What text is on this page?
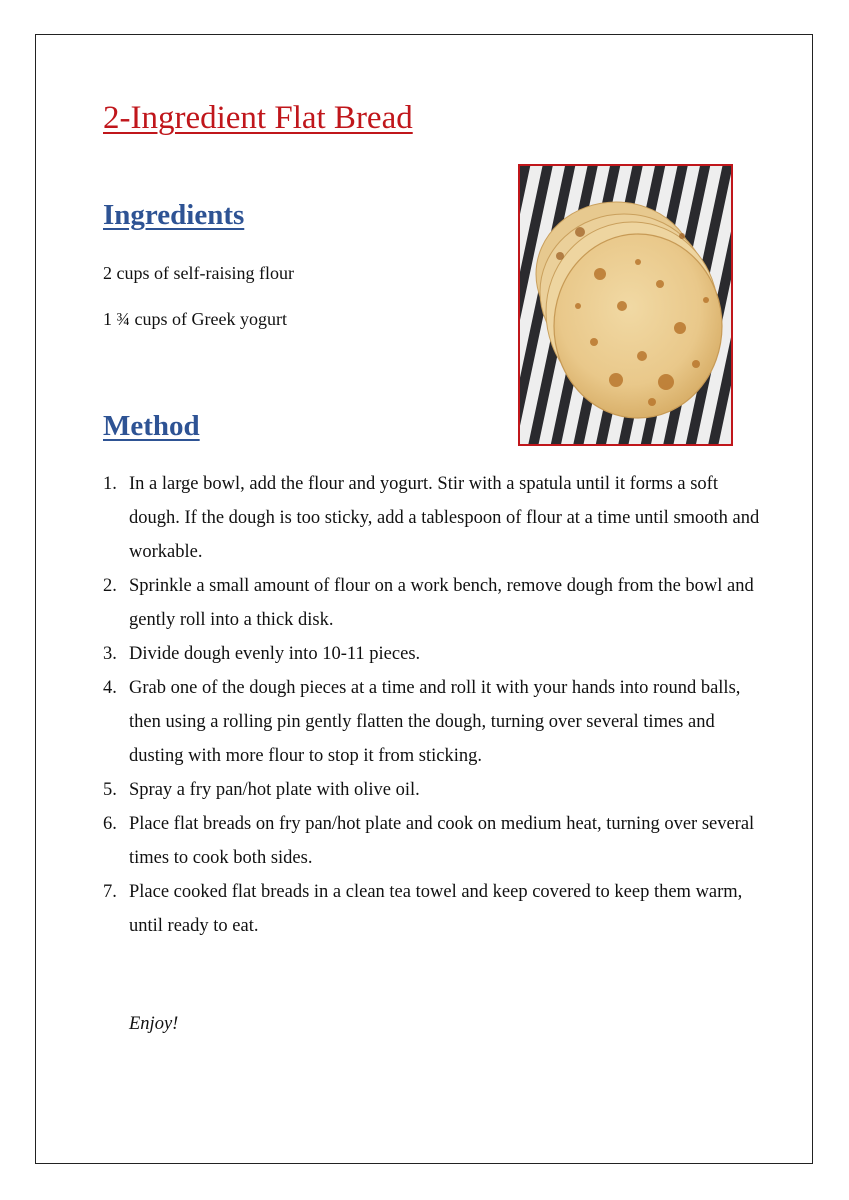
2-Ingredient Flat Bread
Ingredients
2 cups of self-raising flour
1 ¾ cups of Greek yogurt
Method
1. In a large bowl, add the flour and yogurt. Stir with a spatula until it forms a soft dough. If the dough is too sticky, add a tablespoon of flour at a time until smooth and workable.
2. Sprinkle a small amount of flour on a work bench, remove dough from the bowl and gently roll into a thick disk.
3. Divide dough evenly into 10-11 pieces.
4. Grab one of the dough pieces at a time and roll it with your hands into round balls, then using a rolling pin gently flatten the dough, turning over several times and dusting with more flour to stop it from sticking.
5. Spray a fry pan/hot plate with olive oil.
6. Place flat breads on fry pan/hot plate and cook on medium heat, turning over several times to cook both sides.
7. Place cooked flat breads in a clean tea towel and keep covered to keep them warm, until ready to eat.

Enjoy!
